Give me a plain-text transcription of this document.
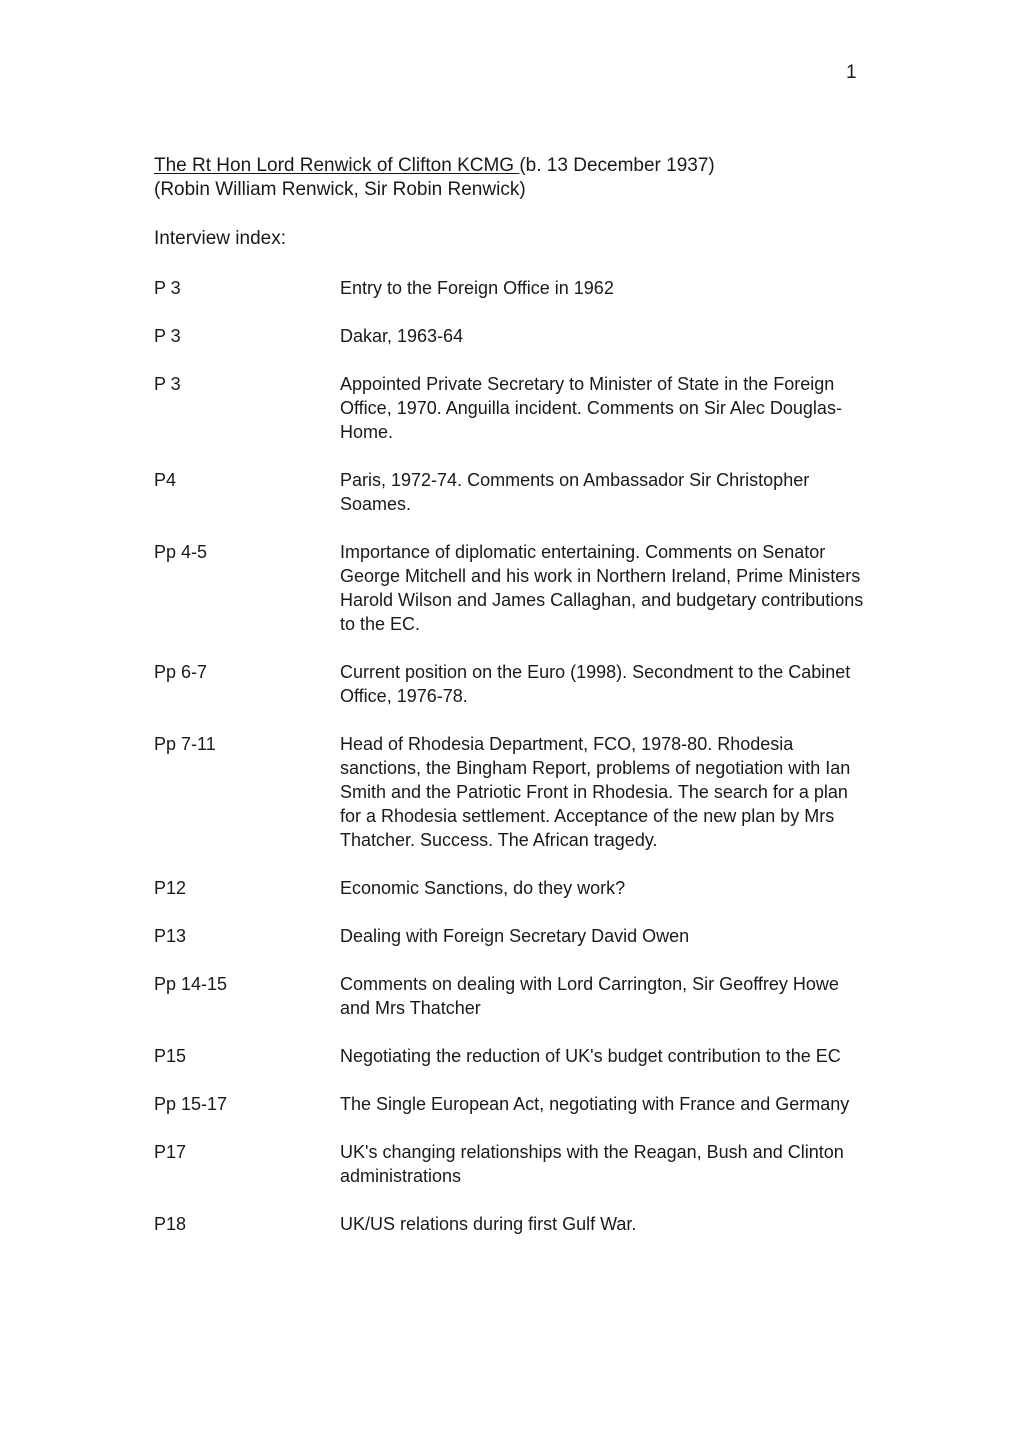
1
The Rt Hon Lord Renwick of Clifton KCMG (b. 13 December 1937)
(Robin William Renwick, Sir Robin Renwick)
Interview index:
P 3	Entry to the Foreign Office in 1962
P 3	Dakar, 1963-64
P 3	Appointed Private Secretary to Minister of State in the Foreign Office, 1970. Anguilla incident. Comments on Sir Alec Douglas-Home.
P4	Paris, 1972-74. Comments on Ambassador Sir Christopher Soames.
Pp 4-5	Importance of diplomatic entertaining. Comments on Senator George Mitchell and his work in Northern Ireland, Prime Ministers Harold Wilson and James Callaghan, and budgetary contributions to the EC.
Pp 6-7	Current position on the Euro (1998). Secondment to the Cabinet Office, 1976-78.
Pp 7-11	Head of Rhodesia Department, FCO, 1978-80. Rhodesia sanctions, the Bingham Report, problems of negotiation with Ian Smith and the Patriotic Front in Rhodesia. The search for a plan for a Rhodesia settlement. Acceptance of the new plan by Mrs Thatcher. Success. The African tragedy.
P12	Economic Sanctions, do they work?
P13	Dealing with Foreign Secretary David Owen
Pp 14-15	Comments on dealing with Lord Carrington, Sir Geoffrey Howe and Mrs Thatcher
P15	Negotiating the reduction of UK's budget contribution to the EC
Pp 15-17	The Single European Act, negotiating with France and Germany
P17	UK's changing relationships with the Reagan, Bush and Clinton administrations
P18	UK/US relations during first Gulf War.
